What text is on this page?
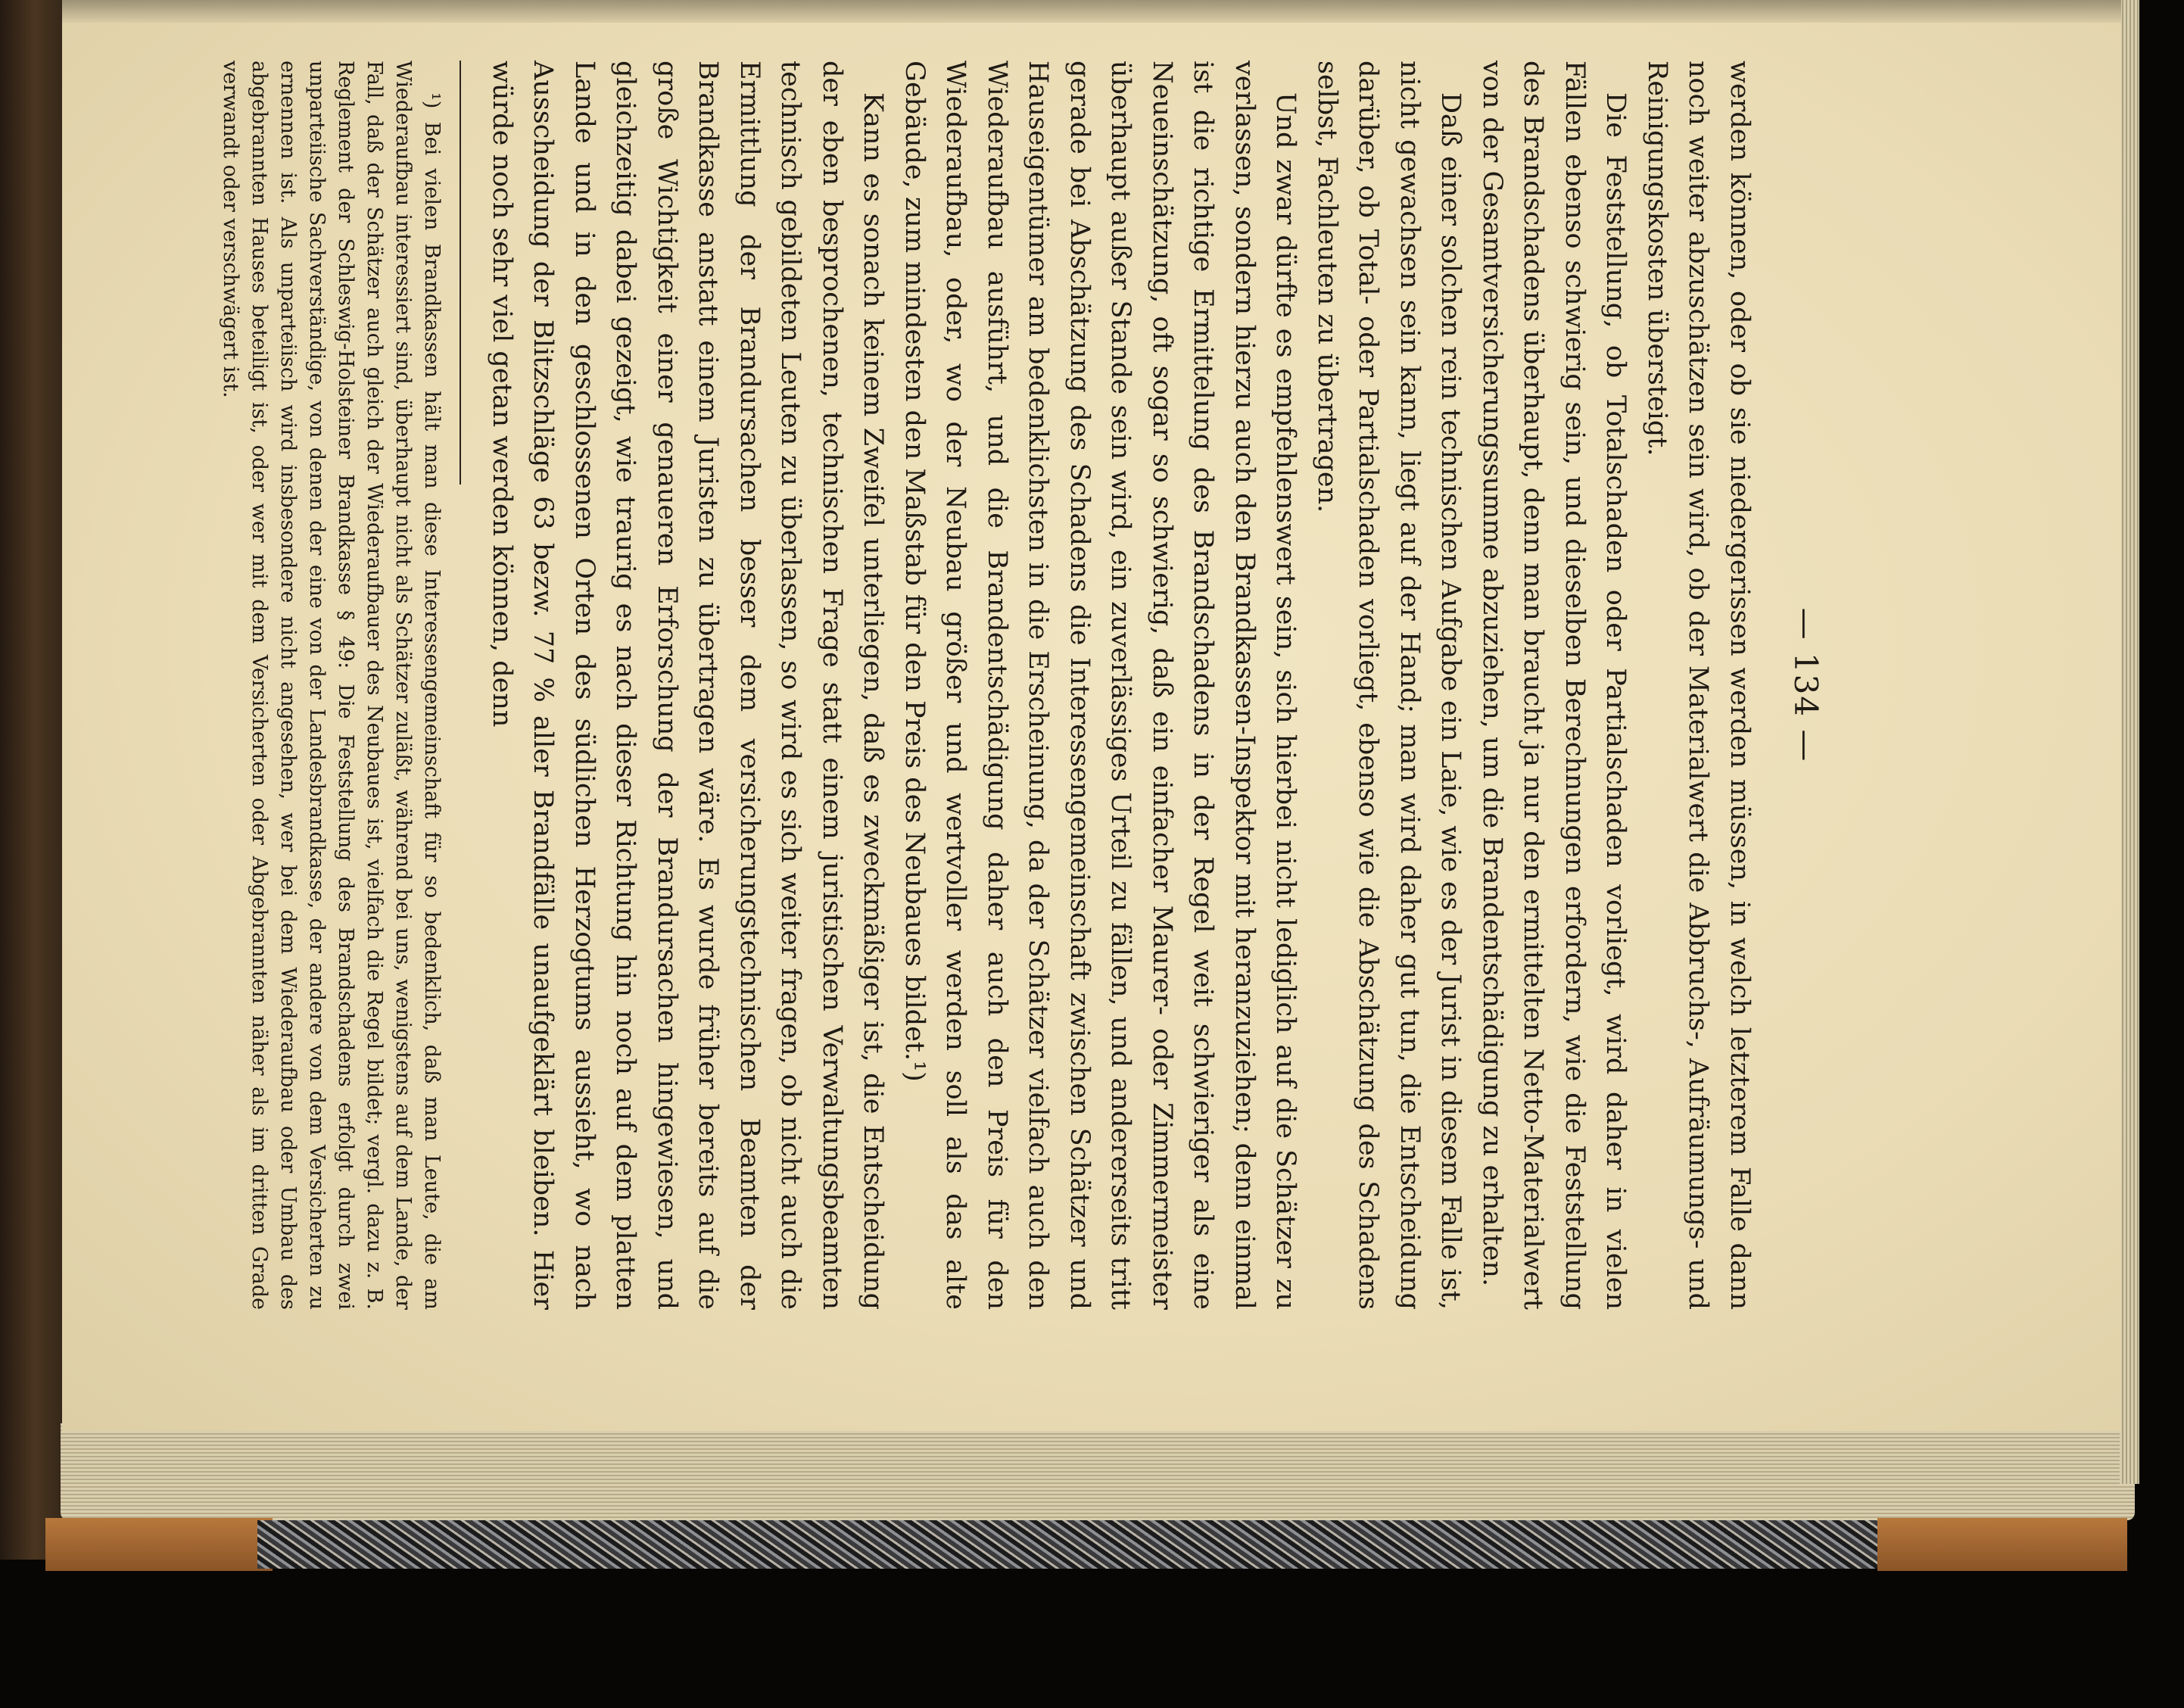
— 134 —

werden können, oder ob sie niedergerissen werden müssen, in welch letzterem Falle dann noch weiter abzuschätzen sein wird, ob der Materialwert die Abbruchs-, Aufräumungs- und Reinigungskosten übersteigt.

Die Feststellung, ob Totalschaden oder Partialschaden vorliegt, wird daher in vielen Fällen ebenso schwierig sein, und dieselben Berechnungen erfordern, wie die Feststellung des Brandschadens überhaupt, denn man braucht ja nur den ermittelten Netto-Materialwert von der Gesamtversicherungssumme abzuziehen, um die Brandentschädigung zu erhalten.

Daß einer solchen rein technischen Aufgabe ein Laie, wie es der Jurist in diesem Falle ist, nicht gewachsen sein kann, liegt auf der Hand; man wird daher gut tun, die Entscheidung darüber, ob Total- oder Partialschaden vorliegt, ebenso wie die Abschätzung des Schadens selbst, Fachleuten zu übertragen.

Und zwar dürfte es empfehlenswert sein, sich hierbei nicht lediglich auf die Schätzer zu verlassen, sondern hierzu auch den Brandkassen-Inspektor mit heranzuziehen; denn einmal ist die richtige Ermittelung des Brandschadens in der Regel weit schwieriger als eine Neueinschätzung, oft sogar so schwierig, daß ein einfacher Maurer- oder Zimmermeister überhaupt außer Stande sein wird, ein zuverlässiges Urteil zu fällen, und andererseits tritt gerade bei Abschätzung des Schadens die Interessengemeinschaft zwischen Schätzer und Hauseigentümer am bedenklichsten in die Erscheinung, da der Schätzer vielfach auch den Wiederaufbau ausführt, und die Brandentschädigung daher auch den Preis für den Wiederaufbau, oder, wo der Neubau größer und wertvoller werden soll als das alte Gebäude, zum mindesten den Maßstab für den Preis des Neubaues bildet.¹)

Kann es sonach keinem Zweifel unterliegen, daß es zweckmäßiger ist, die Entscheidung der eben besprochenen, technischen Frage statt einem juristischen Verwaltungsbeamten technisch gebildeten Leuten zu überlassen, so wird es sich weiter fragen, ob nicht auch die Ermittlung der Brandursachen besser dem versicherungstechnischen Beamten der Brandkasse anstatt einem Juristen zu übertragen wäre. Es wurde früher bereits auf die große Wichtigkeit einer genaueren Erforschung der Brandursachen hingewiesen, und gleichzeitig dabei gezeigt, wie traurig es nach dieser Richtung hin noch auf dem platten Lande und in den geschlossenen Orten des südlichen Herzogtums aussieht, wo nach Ausscheidung der Blitzschläge 63 bezw. 77 % aller Brandfälle unaufgeklärt bleiben. Hier würde noch sehr viel getan werden können, denn

¹) Bei vielen Brandkassen hält man diese Interessengemeinschaft für so bedenklich, daß man Leute, die am Wiederaufbau interessiert sind, überhaupt nicht als Schätzer zuläßt, während bei uns, wenigstens auf dem Lande, der Fall, daß der Schätzer auch gleich der Wiederaufbauer des Neubaues ist, vielfach die Regel bildet; vergl. dazu z. B. Reglement der Schleswig-Holsteiner Brandkasse § 49: Die Feststellung des Brandschadens erfolgt durch zwei unparteiische Sachverständige, von denen der eine von der Landesbrandkasse, der andere von dem Versicherten zu ernennen ist. Als unparteiisch wird insbesondere nicht angesehen, wer bei dem Wiederaufbau oder Umbau des abgebrannten Hauses beteiligt ist, oder wer mit dem Versicherten oder Abgebrannten näher als im dritten Grade verwandt oder verschwägert ist.
